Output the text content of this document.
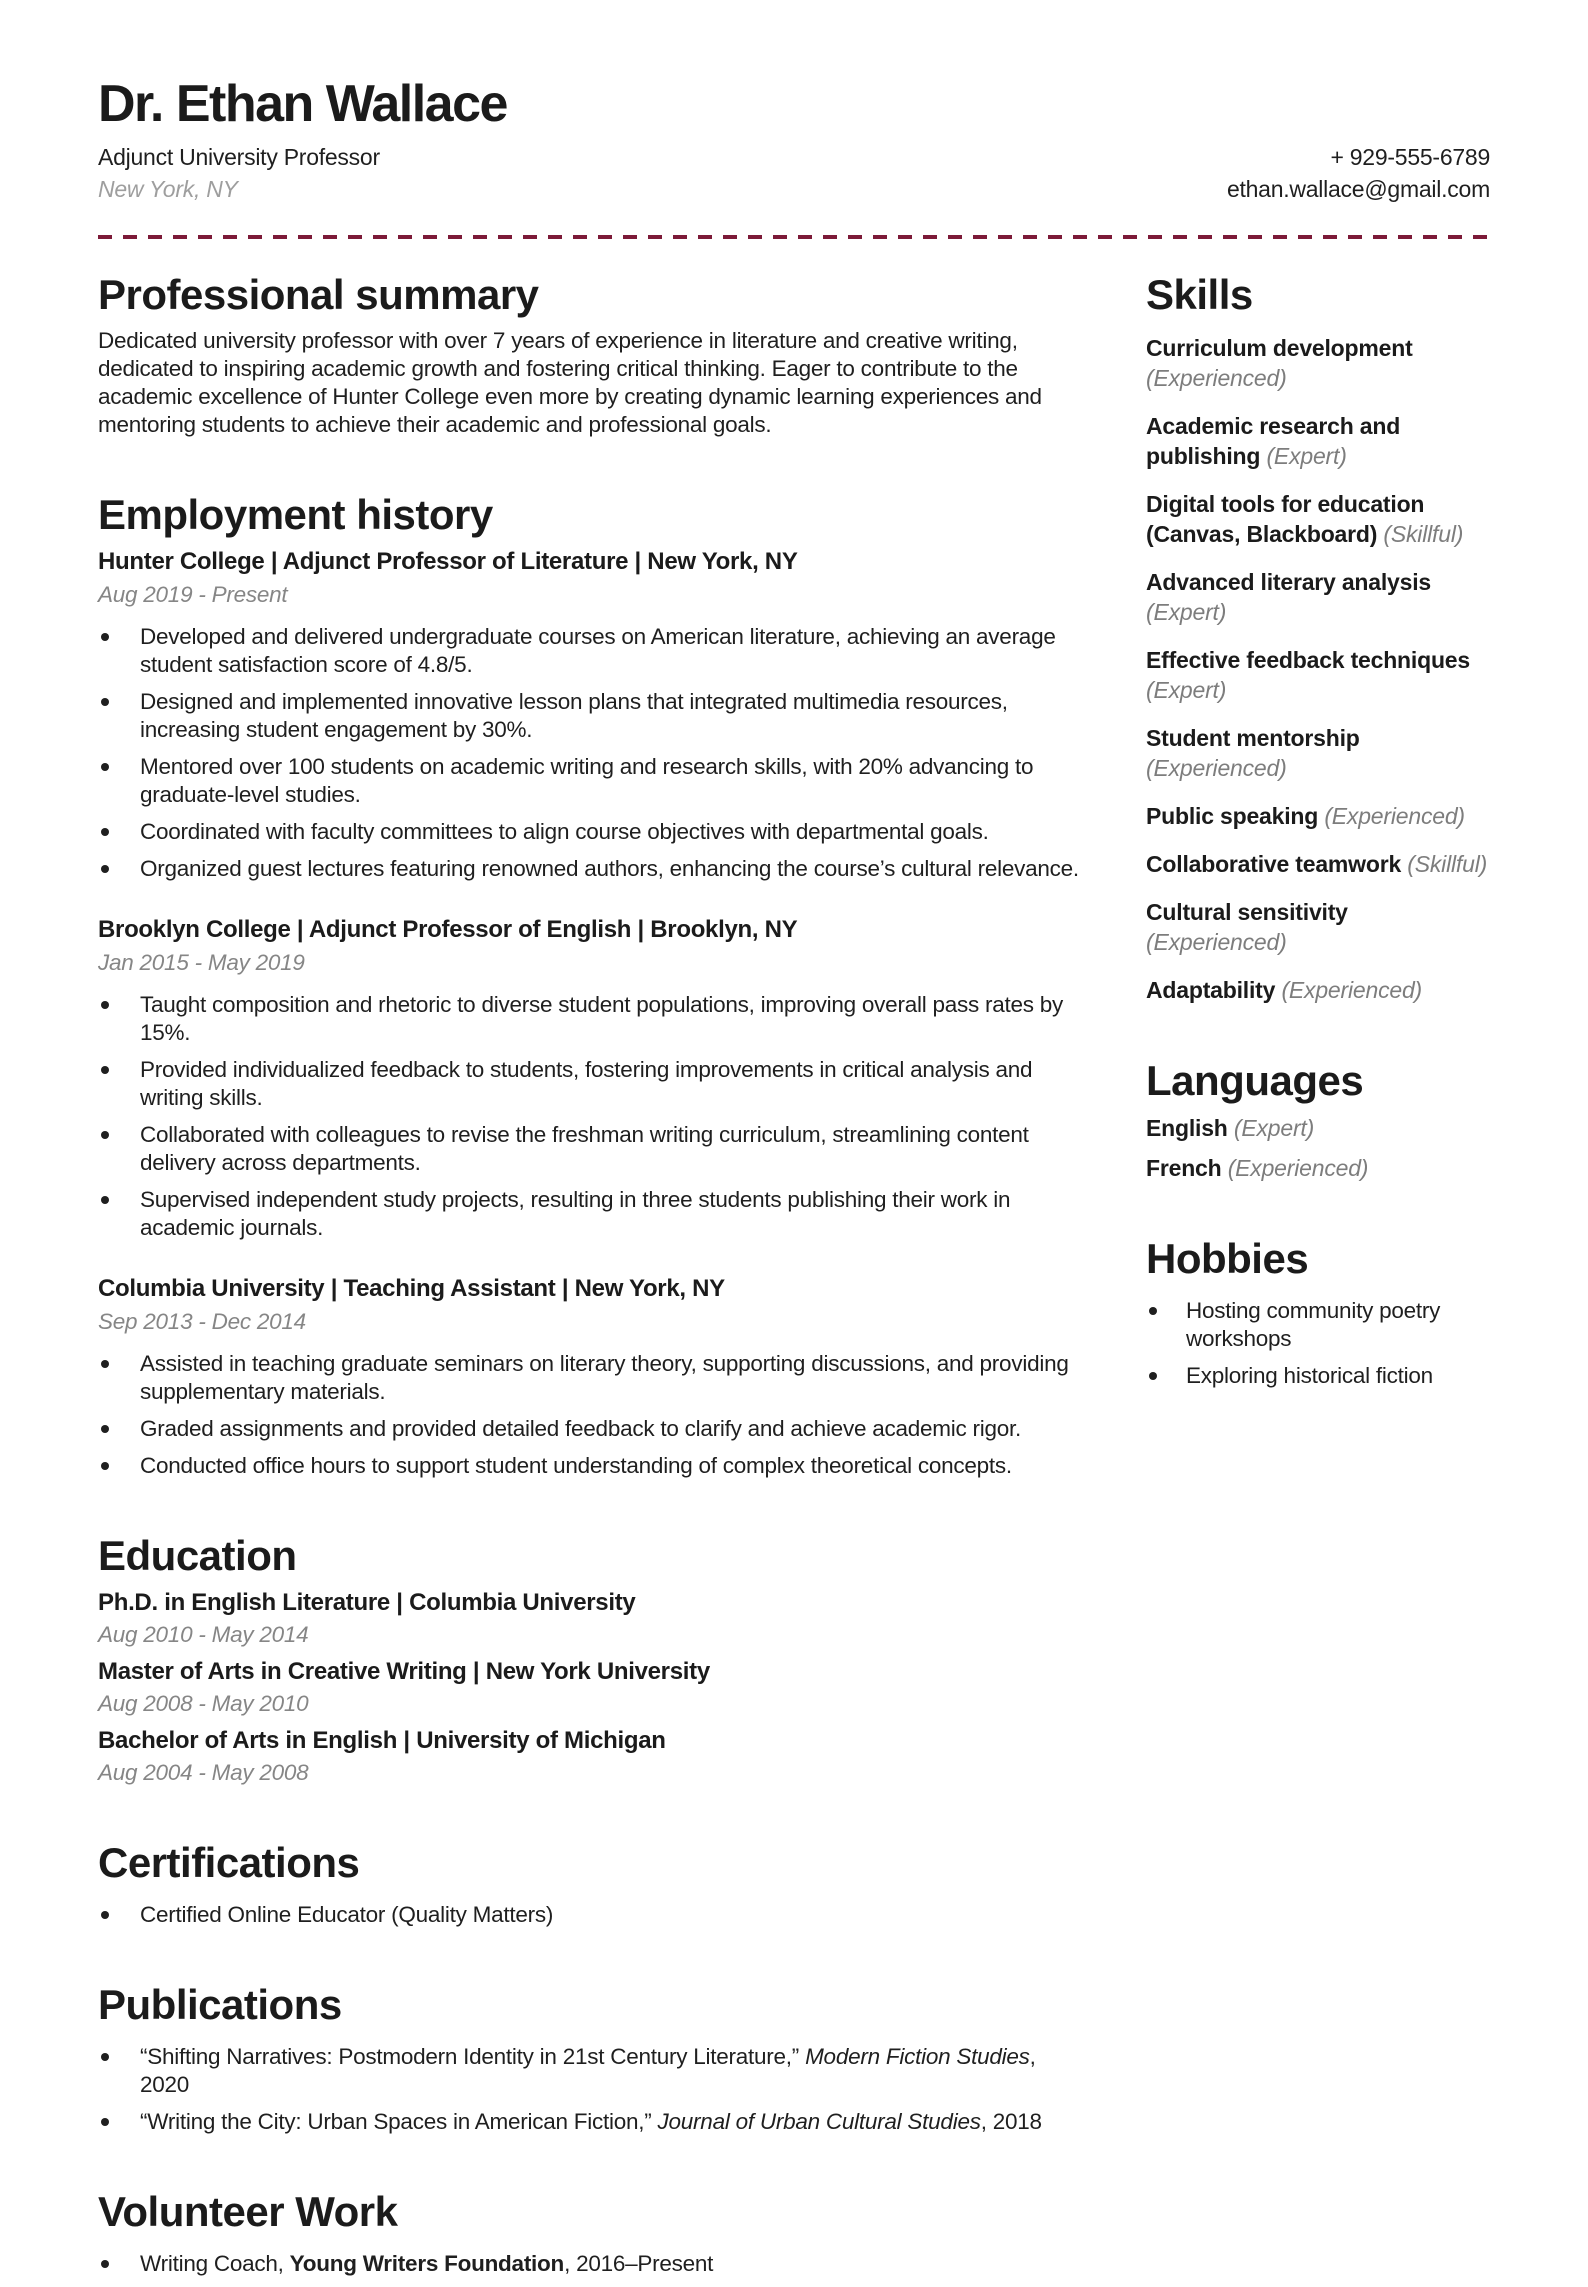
Dr. Ethan Wallace
Adjunct University Professor
New York, NY
+ 929-555-6789
ethan.wallace@gmail.com
Professional summary

Dedicated university professor with over 7 years of experience in literature and creative writing, dedicated to inspiring academic growth and fostering critical thinking. Eager to contribute to the academic excellence of Hunter College even more by creating dynamic learning experiences and mentoring students to achieve their academic and professional goals.

Employment history
Hunter College | Adjunct Professor of Literature | New York, NY
Aug 2019 - Present
Developed and delivered undergraduate courses on American literature, achieving an average student satisfaction score of 4.8/5.
Designed and implemented innovative lesson plans that integrated multimedia resources, increasing student engagement by 30%.
Mentored over 100 students on academic writing and research skills, with 20% advancing to graduate-level studies.
Coordinated with faculty committees to align course objectives with departmental goals.
Organized guest lectures featuring renowned authors, enhancing the course’s cultural relevance.
Brooklyn College | Adjunct Professor of English | Brooklyn, NY
Jan 2015 - May 2019
Taught composition and rhetoric to diverse student populations, improving overall pass rates by 15%.
Provided individualized feedback to students, fostering improvements in critical analysis and writing skills.
Collaborated with colleagues to revise the freshman writing curriculum, streamlining content delivery across departments.
Supervised independent study projects, resulting in three students publishing their work in academic journals.
Columbia University | Teaching Assistant | New York, NY
Sep 2013 - Dec 2014
Assisted in teaching graduate seminars on literary theory, supporting discussions, and providing supplementary materials.
Graded assignments and provided detailed feedback to clarify and achieve academic rigor.
Conducted office hours to support student understanding of complex theoretical concepts.
Education
Ph.D. in English Literature | Columbia University
Aug 2010 - May 2014
Master of Arts in Creative Writing | New York University
Aug 2008 - May 2010
Bachelor of Arts in English | University of Michigan
Aug 2004 - May 2008
Certifications
Certified Online Educator (Quality Matters)
Publications
“Shifting Narratives: Postmodern Identity in 21st Century Literature,” Modern Fiction Studies, 2020
“Writing the City: Urban Spaces in American Fiction,” Journal of Urban Cultural Studies, 2018
Volunteer Work
Writing Coach, Young Writers Foundation, 2016–Present
Skills
Curriculum development (Experienced)
Academic research and publishing (Expert)
Digital tools for education (Canvas, Blackboard) (Skillful)
Advanced literary analysis (Expert)
Effective feedback techniques (Expert)
Student mentorship (Experienced)
Public speaking (Experienced)
Collaborative teamwork (Skillful)
Cultural sensitivity (Experienced)
Adaptability (Experienced)
Languages
English (Expert)
French (Experienced)
Hobbies
Hosting community poetry workshops
Exploring historical fiction
